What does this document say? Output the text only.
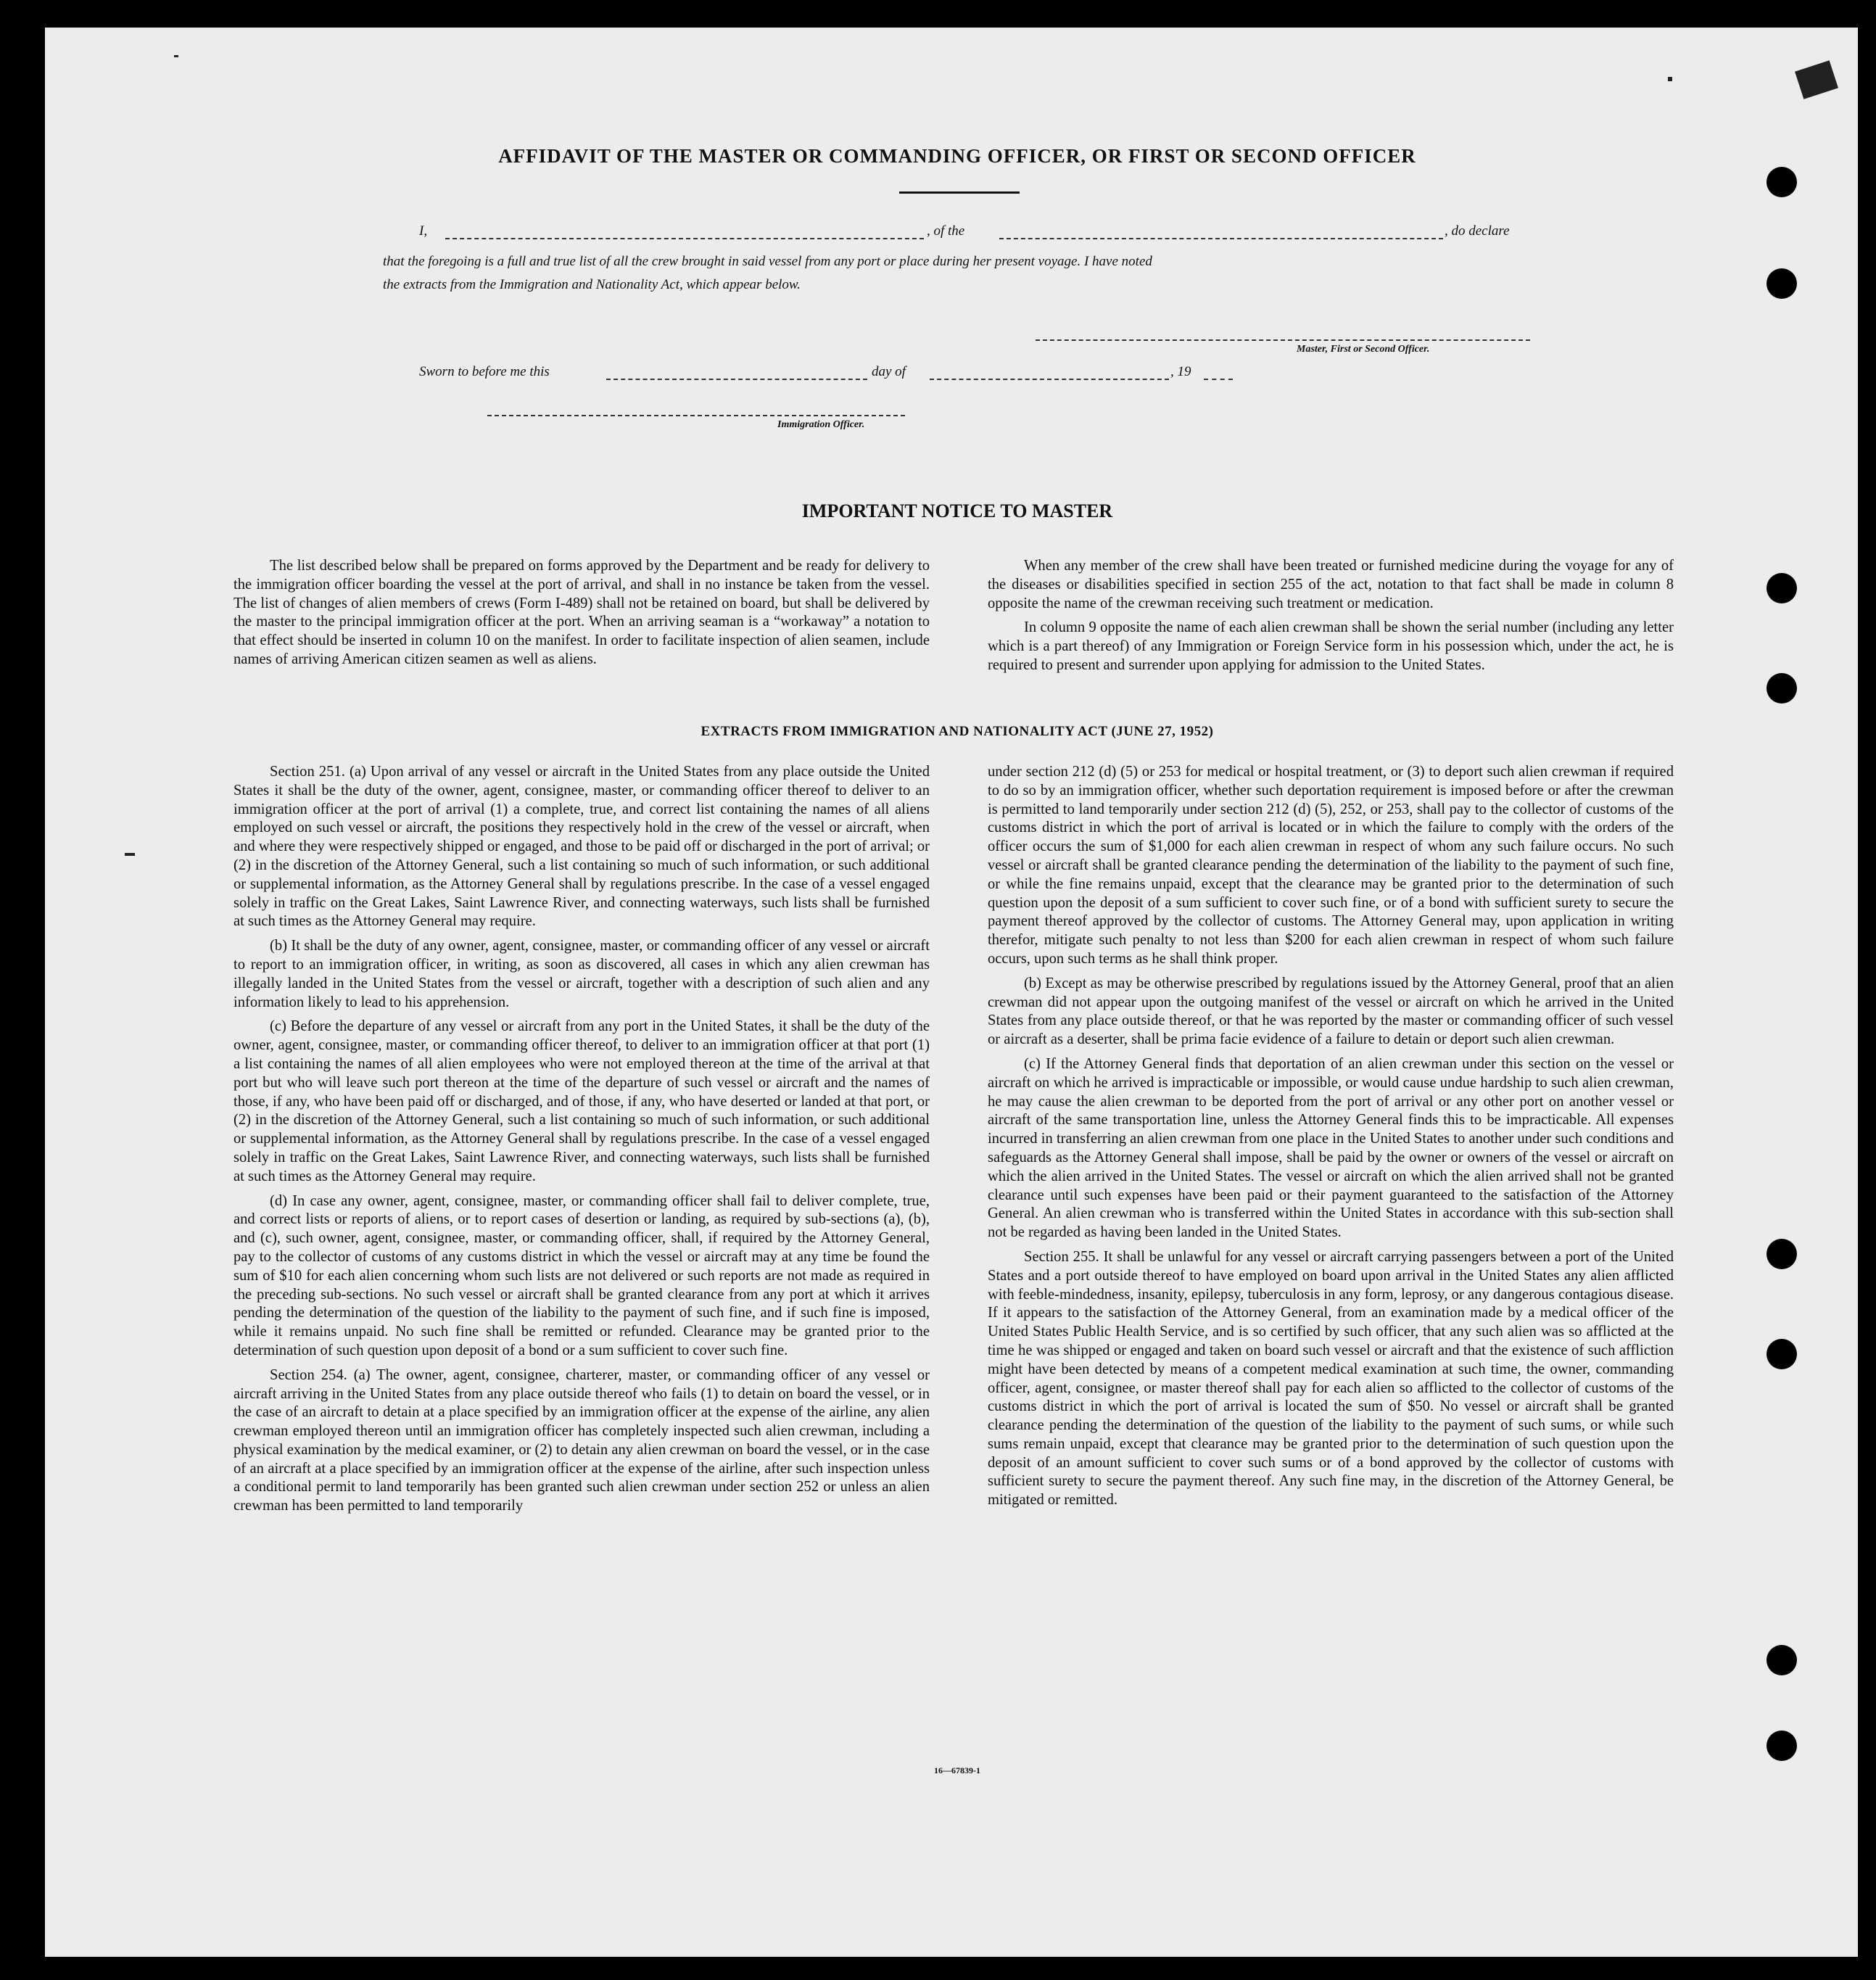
AFFIDAVIT OF THE MASTER OR COMMANDING OFFICER, OR FIRST OR SECOND OFFICER
I,	, of the	, do declare
that the foregoing is a full and true list of all the crew brought in said vessel from any port or place during her present voyage. I have noted
the extracts from the Immigration and Nationality Act, which appear below.
Master, First or Second Officer.
Sworn to before me this	day of	, 19
Immigration Officer.
IMPORTANT NOTICE TO MASTER

The list described below shall be prepared on forms approved by the Department and be ready for delivery to the immigration officer boarding the vessel at the port of arrival, and shall in no instance be taken from the vessel. The list of changes of alien members of crews (Form I-489) shall not be retained on board, but shall be delivered by the master to the principal immigration officer at the port. When an arriving seaman is a “workaway” a notation to that effect should be inserted in column 10 on the manifest. In order to facilitate inspection of alien seamen, include names of arriving American citizen seamen as well as aliens.

When any member of the crew shall have been treated or furnished medicine during the voyage for any of the diseases or disabilities specified in section 255 of the act, notation to that fact shall be made in column 8 opposite the name of the crewman receiving such treatment or medication.

In column 9 opposite the name of each alien crewman shall be shown the serial number (including any letter which is a part thereof) of any Immigration or Foreign Service form in his possession which, under the act, he is required to present and surrender upon applying for admission to the United States.

EXTRACTS FROM IMMIGRATION AND NATIONALITY ACT (JUNE 27, 1952)

Section 251. (a) Upon arrival of any vessel or aircraft in the United States from any place outside the United States it shall be the duty of the owner, agent, consignee, master, or commanding officer thereof to deliver to an immigration officer at the port of arrival (1) a complete, true, and correct list containing the names of all aliens employed on such vessel or aircraft, the positions they respectively hold in the crew of the vessel or aircraft, when and where they were respectively shipped or engaged, and those to be paid off or discharged in the port of arrival; or (2) in the discretion of the Attorney General, such a list containing so much of such information, or such additional or supplemental information, as the Attorney General shall by regulations prescribe. In the case of a vessel engaged solely in traffic on the Great Lakes, Saint Lawrence River, and connecting waterways, such lists shall be furnished at such times as the Attorney General may require.

(b) It shall be the duty of any owner, agent, consignee, master, or commanding officer of any vessel or aircraft to report to an immigration officer, in writing, as soon as discovered, all cases in which any alien crewman has illegally landed in the United States from the vessel or aircraft, together with a description of such alien and any information likely to lead to his apprehension.

(c) Before the departure of any vessel or aircraft from any port in the United States, it shall be the duty of the owner, agent, consignee, master, or commanding officer thereof, to deliver to an immigration officer at that port (1) a list containing the names of all alien employees who were not employed thereon at the time of the arrival at that port but who will leave such port thereon at the time of the departure of such vessel or aircraft and the names of those, if any, who have been paid off or discharged, and of those, if any, who have deserted or landed at that port, or (2) in the discretion of the Attorney General, such a list containing so much of such information, or such additional or supplemental information, as the Attorney General shall by regulations prescribe. In the case of a vessel engaged solely in traffic on the Great Lakes, Saint Lawrence River, and connecting waterways, such lists shall be furnished at such times as the Attorney General may require.

(d) In case any owner, agent, consignee, master, or commanding officer shall fail to deliver complete, true, and correct lists or reports of aliens, or to report cases of desertion or landing, as required by sub-sections (a), (b), and (c), such owner, agent, consignee, master, or commanding officer, shall, if required by the Attorney General, pay to the collector of customs of any customs district in which the vessel or aircraft may at any time be found the sum of $10 for each alien concerning whom such lists are not delivered or such reports are not made as required in the preceding sub-sections. No such vessel or aircraft shall be granted clearance from any port at which it arrives pending the determination of the question of the liability to the payment of such fine, and if such fine is imposed, while it remains unpaid. No such fine shall be remitted or refunded. Clearance may be granted prior to the determination of such question upon deposit of a bond or a sum sufficient to cover such fine.

Section 254. (a) The owner, agent, consignee, charterer, master, or commanding officer of any vessel or aircraft arriving in the United States from any place outside thereof who fails (1) to detain on board the vessel, or in the case of an aircraft to detain at a place specified by an immigration officer at the expense of the airline, any alien crewman employed thereon until an immigration officer has completely inspected such alien crewman, including a physical examination by the medical examiner, or (2) to detain any alien crewman on board the vessel, or in the case of an aircraft at a place specified by an immigration officer at the expense of the airline, after such inspection unless a conditional permit to land temporarily has been granted such alien crewman under section 252 or unless an alien crewman has been permitted to land temporarily

under section 212 (d) (5) or 253 for medical or hospital treatment, or (3) to deport such alien crewman if required to do so by an immigration officer, whether such deportation requirement is imposed before or after the crewman is permitted to land temporarily under section 212 (d) (5), 252, or 253, shall pay to the collector of customs of the customs district in which the port of arrival is located or in which the failure to comply with the orders of the officer occurs the sum of $1,000 for each alien crewman in respect of whom any such failure occurs. No such vessel or aircraft shall be granted clearance pending the determination of the liability to the payment of such fine, or while the fine remains unpaid, except that the clearance may be granted prior to the determination of such question upon the deposit of a sum sufficient to cover such fine, or of a bond with sufficient surety to secure the payment thereof approved by the collector of customs. The Attorney General may, upon application in writing therefor, mitigate such penalty to not less than $200 for each alien crewman in respect of whom such failure occurs, upon such terms as he shall think proper.

(b) Except as may be otherwise prescribed by regulations issued by the Attorney General, proof that an alien crewman did not appear upon the outgoing manifest of the vessel or aircraft on which he arrived in the United States from any place outside thereof, or that he was reported by the master or commanding officer of such vessel or aircraft as a deserter, shall be prima facie evidence of a failure to detain or deport such alien crewman.

(c) If the Attorney General finds that deportation of an alien crewman under this section on the vessel or aircraft on which he arrived is impracticable or impossible, or would cause undue hardship to such alien crewman, he may cause the alien crewman to be deported from the port of arrival or any other port on another vessel or aircraft of the same transportation line, unless the Attorney General finds this to be impracticable. All expenses incurred in transferring an alien crewman from one place in the United States to another under such conditions and safeguards as the Attorney General shall impose, shall be paid by the owner or owners of the vessel or aircraft on which the alien arrived in the United States. The vessel or aircraft on which the alien arrived shall not be granted clearance until such expenses have been paid or their payment guaranteed to the satisfaction of the Attorney General. An alien crewman who is transferred within the United States in accordance with this sub-section shall not be regarded as having been landed in the United States.

Section 255. It shall be unlawful for any vessel or aircraft carrying passengers between a port of the United States and a port outside thereof to have employed on board upon arrival in the United States any alien afflicted with feeble-mindedness, insanity, epilepsy, tuberculosis in any form, leprosy, or any dangerous contagious disease. If it appears to the satisfaction of the Attorney General, from an examination made by a medical officer of the United States Public Health Service, and is so certified by such officer, that any such alien was so afflicted at the time he was shipped or engaged and taken on board such vessel or aircraft and that the existence of such affliction might have been detected by means of a competent medical examination at such time, the owner, commanding officer, agent, consignee, or master thereof shall pay for each alien so afflicted to the collector of customs of the customs district in which the port of arrival is located the sum of $50. No vessel or aircraft shall be granted clearance pending the determination of the question of the liability to the payment of such sums, or while such sums remain unpaid, except that clearance may be granted prior to the determination of such question upon the deposit of an amount sufficient to cover such sums or of a bond approved by the collector of customs with sufficient surety to secure the payment thereof. Any such fine may, in the discretion of the Attorney General, be mitigated or remitted.

16—67839-1
